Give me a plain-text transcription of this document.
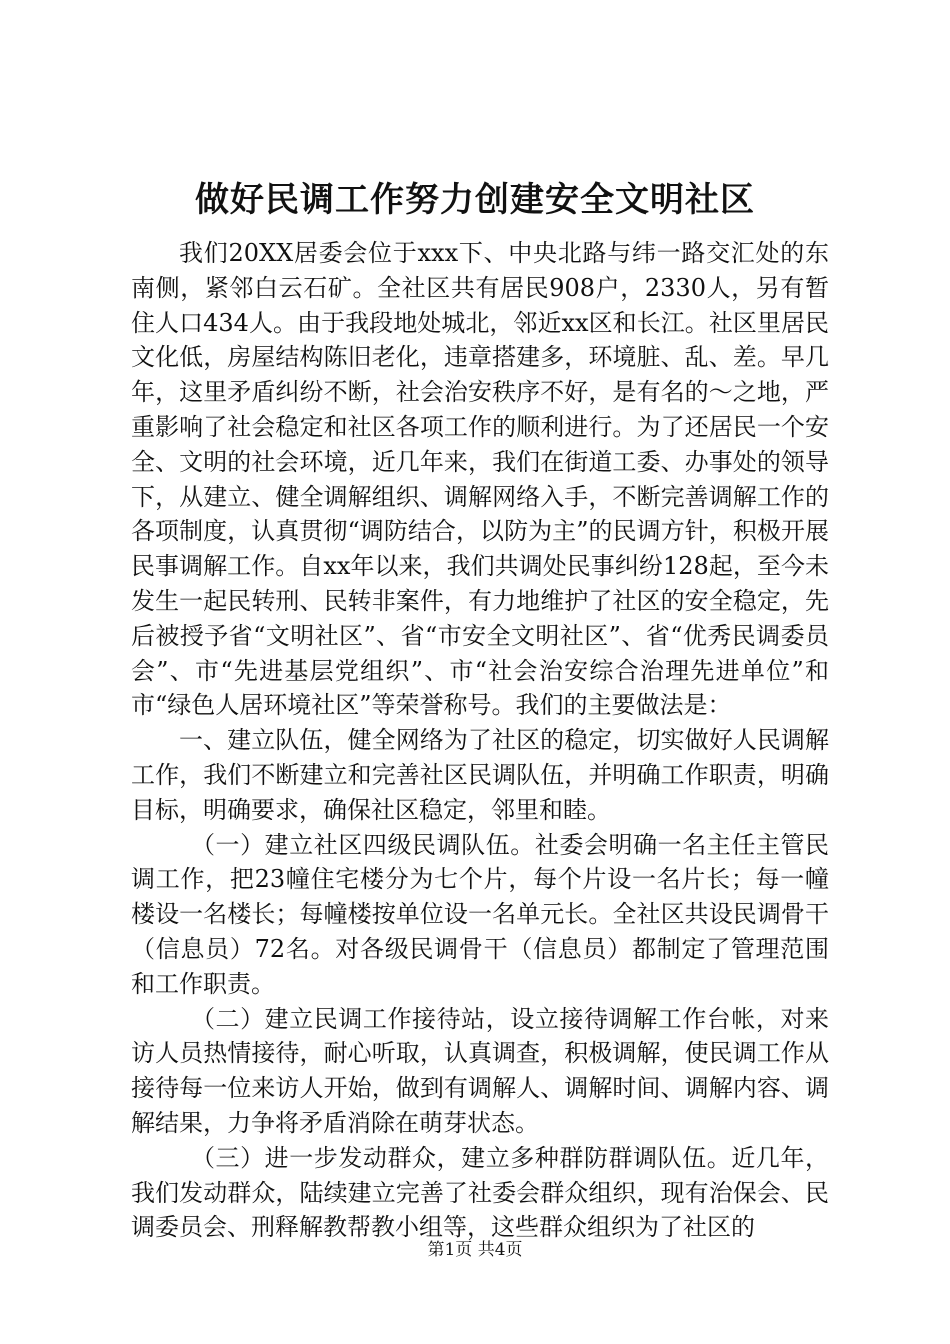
做好民调工作努力创建安全文明社区

我们20XX居委会位于xxx下、中央北路与纬一路交汇处的东南侧，紧邻白云石矿。全社区共有居民908户，2330人，另有暂住人口434人。由于我段地处城北，邻近xx区和长江。社区里居民文化低，房屋结构陈旧老化，违章搭建多，环境脏、乱、差。早几年，这里矛盾纠纷不断，社会治安秩序不好，是有名的～之地，严重影响了社会稳定和社区各项工作的顺利进行。为了还居民一个安全、文明的社会环境，近几年来，我们在街道工委、办事处的领导下，从建立、健全调解组织、调解网络入手，不断完善调解工作的各项制度，认真贯彻“调防结合，以防为主”的民调方针，积极开展民事调解工作。自xx年以来，我们共调处民事纠纷128起，至今未发生一起民转刑、民转非案件，有力地维护了社区的安全稳定，先后被授予省“文明社区”、省“市安全文明社区”、省“优秀民调委员会”、市“先进基层党组织”、市“社会治安综合治理先进单位”和市“绿色人居环境社区”等荣誉称号。我们的主要做法是：

一、建立队伍，健全网络为了社区的稳定，切实做好人民调解工作，我们不断建立和完善社区民调队伍，并明确工作职责，明确目标，明确要求，确保社区稳定，邻里和睦。

（一）建立社区四级民调队伍。社委会明确一名主任主管民调工作，把23幢住宅楼分为七个片，每个片设一名片长；每一幢楼设一名楼长；每幢楼按单位设一名单元长。全社区共设民调骨干（信息员）72名。对各级民调骨干（信息员）都制定了管理范围和工作职责。

（二）建立民调工作接待站，设立接待调解工作台帐，对来访人员热情接待，耐心听取，认真调查，积极调解，使民调工作从接待每一位来访人开始，做到有调解人、调解时间、调解内容、调解结果，力争将矛盾消除在萌芽状态。

（三）进一步发动群众，建立多种群防群调队伍。近几年，我们发动群众，陆续建立完善了社委会群众组织，现有治保会、民调委员会、刑释解教帮教小组等，这些群众组织为了社区的

第1页 共4页
